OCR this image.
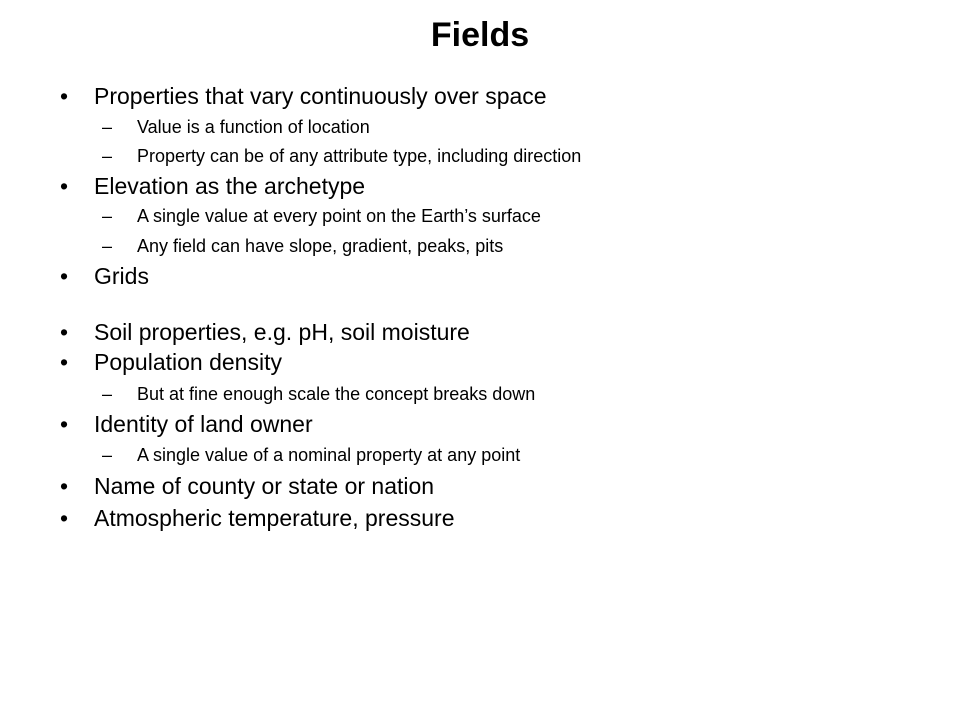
Fields
• Properties that vary continuously over space
– Value is a function of location
– Property can be of any attribute type, including direction
• Elevation as the archetype
– A single value at every point on the Earth’s surface
– Any field can have slope, gradient, peaks, pits
• Grids
• Soil properties, e.g. pH, soil moisture
• Population density
– But at fine enough scale the concept breaks down
• Identity of land owner
– A single value of a nominal property at any point
• Name of county or state or nation
• Atmospheric temperature, pressure
